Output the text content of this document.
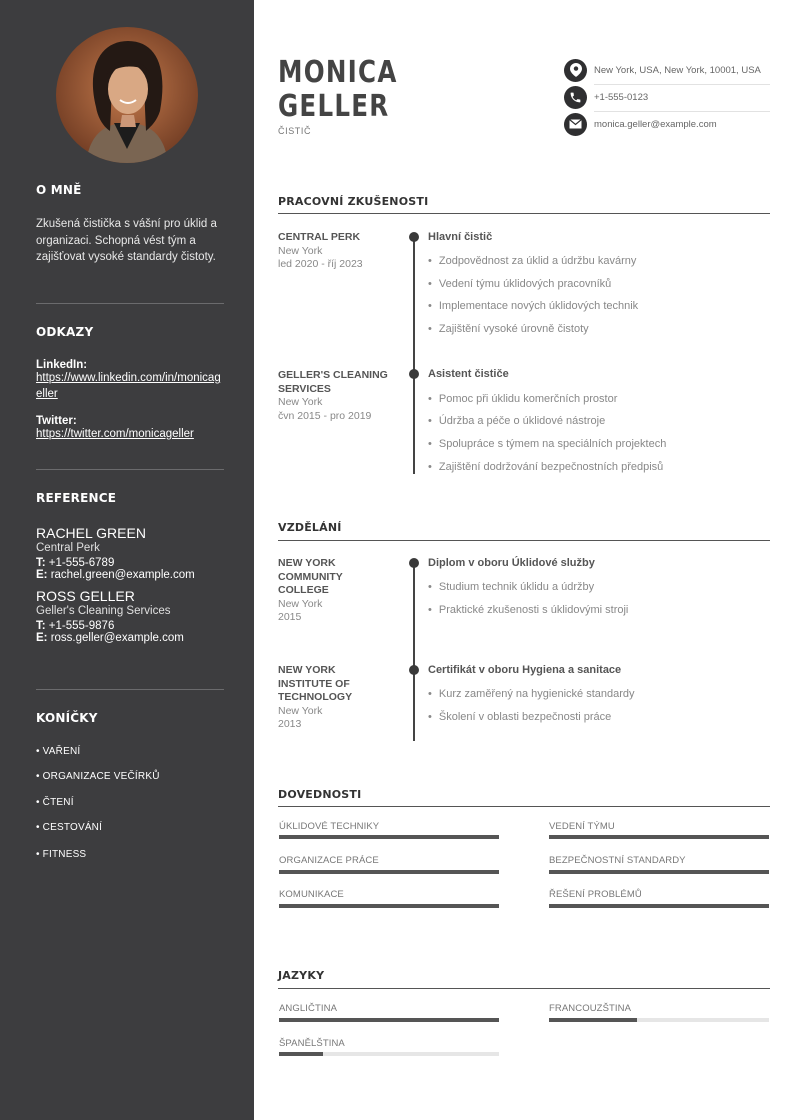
O MNĚ
Zkušená čistička s vášní pro úklid a organizaci. Schopná vést tým a zajišťovat vysoké standardy čistoty.
ODKAZY
LinkedIn:
https://www.linkedin.com/in/monicageller
Twitter:
https://twitter.com/monicageller
REFERENCE
RACHEL GREEN
Central Perk
T: +1-555-6789
E: rachel.green@example.com
ROSS GELLER
Geller's Cleaning Services
T: +1-555-9876
E: ross.geller@example.com
KONÍČKY
• VAŘENÍ
• ORGANIZACE VEČÍRKŮ
• ČTENÍ
• CESTOVÁNÍ
• FITNESS
MONICA
GELLER
ČISTIČ
New York, USA, New York, 10001, USA
+1-555-0123
monica.geller@example.com
PRACOVNÍ ZKUŠENOSTI
CENTRAL PERK
New York
led 2020 - říj 2023
Hlavní čistič
• Zodpovědnost za úklid a údržbu kavárny
• Vedení týmu úklidových pracovníků
• Implementace nových úklidových technik
• Zajištění vysoké úrovně čistoty
GELLER'S CLEANING SERVICES
New York
čvn 2015 - pro 2019
Asistent čističe
• Pomoc při úklidu komerčních prostor
• Údržba a péče o úklidové nástroje
• Spolupráce s týmem na speciálních projektech
• Zajištění dodržování bezpečnostních předpisů
VZDĚLÁNÍ
NEW YORK COMMUNITY COLLEGE
New York
2015
Diplom v oboru Úklidové služby
• Studium technik úklidu a údržby
• Praktické zkušenosti s úklidovými stroji
NEW YORK INSTITUTE OF TECHNOLOGY
New York
2013
Certifikát v oboru Hygiena a sanitace
• Kurz zaměřený na hygienické standardy
• Školení v oblasti bezpečnosti práce
DOVEDNOSTI
ÚKLIDOVÉ TECHNIKY	VEDENÍ TÝMU
ORGANIZACE PRÁCE	BEZPEČNOSTNÍ STANDARDY
KOMUNIKACE	ŘEŠENÍ PROBLÉMŮ
JAZYKY
ANGLIČTINA	FRANCOUZŠTINA
ŠPANĚLŠTINA
